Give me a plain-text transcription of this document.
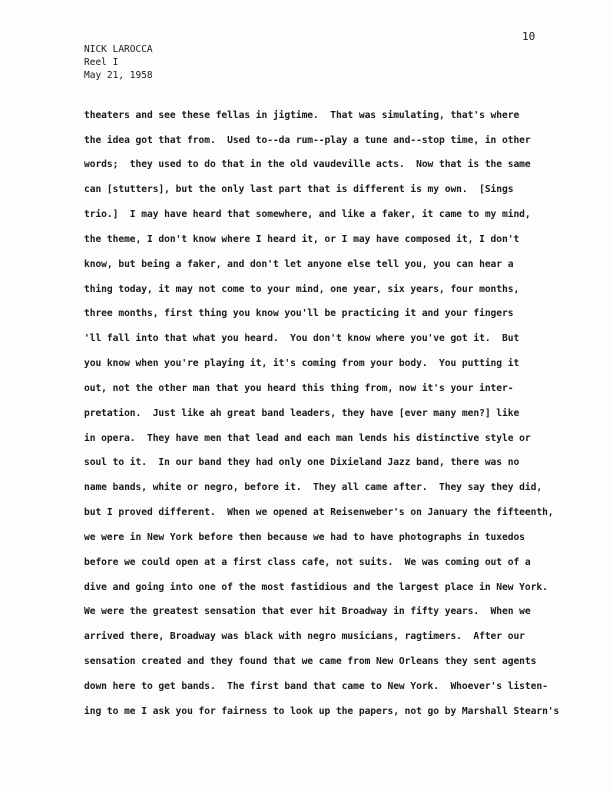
10
NICK LAROCCA
Reel I
May 21, 1958
theaters and see these fellas in jigtime.  That was simulating, that's where
the idea got that from.  Used to--da rum--play a tune and--stop time, in other
words;  they used to do that in the old vaudeville acts.  Now that is the same
can [stutters], but the only last part that is different is my own.  [Sings
trio.]  I may have heard that somewhere, and like a faker, it came to my mind,
the theme, I don't know where I heard it, or I may have composed it, I don't
know, but being a faker, and don't let anyone else tell you, you can hear a
thing today, it may not come to your mind, one year, six years, four months,
three months, first thing you know you'll be practicing it and your fingers
'll fall into that what you heard.  You don't know where you've got it.  But
you know when you're playing it, it's coming from your body.  You putting it
out, not the other man that you heard this thing from, now it's your inter-
pretation.  Just like ah great band leaders, they have [ever many men?] like
in opera.  They have men that lead and each man lends his distinctive style or
soul to it.  In our band they had only one Dixieland Jazz band, there was no
name bands, white or negro, before it.  They all came after.  They say they did,
but I proved different.  When we opened at Reisenweber's on January the fifteenth,
we were in New York before then because we had to have photographs in tuxedos
before we could open at a first class cafe, not suits.  We was coming out of a
dive and going into one of the most fastidious and the largest place in New York.
We were the greatest sensation that ever hit Broadway in fifty years.  When we
arrived there, Broadway was black with negro musicians, ragtimers.  After our
sensation created and they found that we came from New Orleans they sent agents
down here to get bands.  The first band that came to New York.  Whoever's listen-
ing to me I ask you for fairness to look up the papers, not go by Marshall Stearn's
